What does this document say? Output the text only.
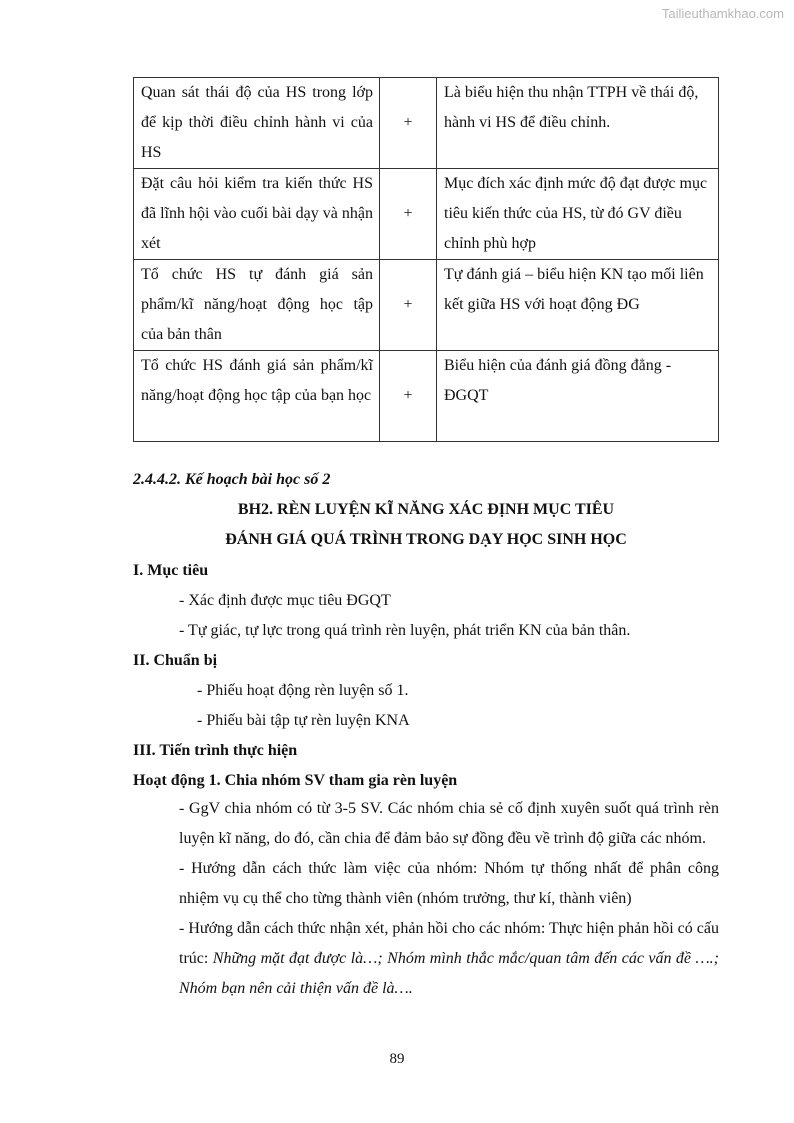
Tailieuthamkhao.com
Quan sát thái độ của HS trong lớp để kịp thời điều chỉnh hành vi của HS	+	Là biểu hiện thu nhận TTPH về thái độ, hành vi HS để điều chỉnh.
Đặt câu hỏi kiểm tra kiến thức HS đã lĩnh hội vào cuối bài dạy và nhận xét	+	Mục đích xác định mức độ đạt được mục tiêu kiến thức của HS, từ đó GV điều chỉnh phù hợp
Tổ chức HS tự đánh giá sản phẩm/kĩ năng/hoạt động học tập của bản thân	+	Tự đánh giá – biểu hiện KN tạo mối liên kết giữa HS với hoạt động ĐG
Tổ chức HS đánh giá sản phẩm/kĩ năng/hoạt động học tập của bạn học	+	Biểu hiện của đánh giá đồng đẳng - ĐGQT
2.4.4.2. Kế hoạch bài học số 2
BH2. RÈN LUYỆN KĨ NĂNG XÁC ĐỊNH MỤC TIÊU
ĐÁNH GIÁ QUÁ TRÌNH TRONG DẠY HỌC SINH HỌC
I. Mục tiêu
- Xác định được mục tiêu ĐGQT
- Tự giác, tự lực trong quá trình rèn luyện, phát triển KN của bản thân.
II. Chuẩn bị
- Phiếu hoạt động rèn luyện số 1.
- Phiếu bài tập tự rèn luyện KNA
III. Tiến trình thực hiện
Hoạt động 1. Chia nhóm SV tham gia rèn luyện
- GgV chia nhóm có từ 3-5 SV. Các nhóm chia sẻ cố định xuyên suốt quá trình rèn luyện kĩ năng, do đó, cần chia để đảm bảo sự đồng đều về trình độ giữa các nhóm.
- Hướng dẫn cách thức làm việc của nhóm: Nhóm tự thống nhất để phân công nhiệm vụ cụ thể cho từng thành viên (nhóm trưởng, thư kí, thành viên)
- Hướng dẫn cách thức nhận xét, phản hồi cho các nhóm: Thực hiện phản hồi có cấu trúc: Những mặt đạt được là…; Nhóm mình thắc mắc/quan tâm đến các vấn đề ….; Nhóm bạn nên cải thiện vấn đề là….
89
